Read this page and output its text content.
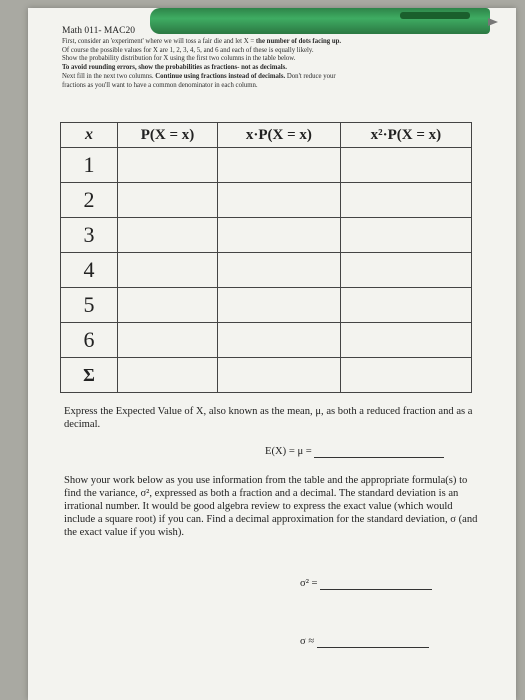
Math 011- MAC20
First, consider an 'experiment' where we will toss a fair die and let X = the number of dots facing up.
Of course the possible values for X are 1, 2, 3, 4, 5, and 6 and each of these is equally likely.
Show the probability distribution for X using the first two columns in the table below.
To avoid rounding errors, show the probabilities as fractions- not as decimals.
Next fill in the next two columns. Continue using fractions instead of decimals. Don't reduce your
fractions as you'll want to have a common denominator in each column.
x	P(X = x)	x·P(X = x)	x²·P(X = x)
1			
2			
3			
4			
5			
6			
Σ			
Express the Expected Value of X, also known as the mean, μ, as both a reduced fraction and as a decimal.
E(X) = μ =
Show your work below as you use information from the table and the appropriate formula(s) to find the variance, σ², expressed as both a fraction and a decimal. The standard deviation is an irrational number. It would be good algebra review to express the exact value (which would include a square root) if you can. Find a decimal approximation for the standard deviation, σ (and the exact value if you wish).
σ² =
σ ≈
